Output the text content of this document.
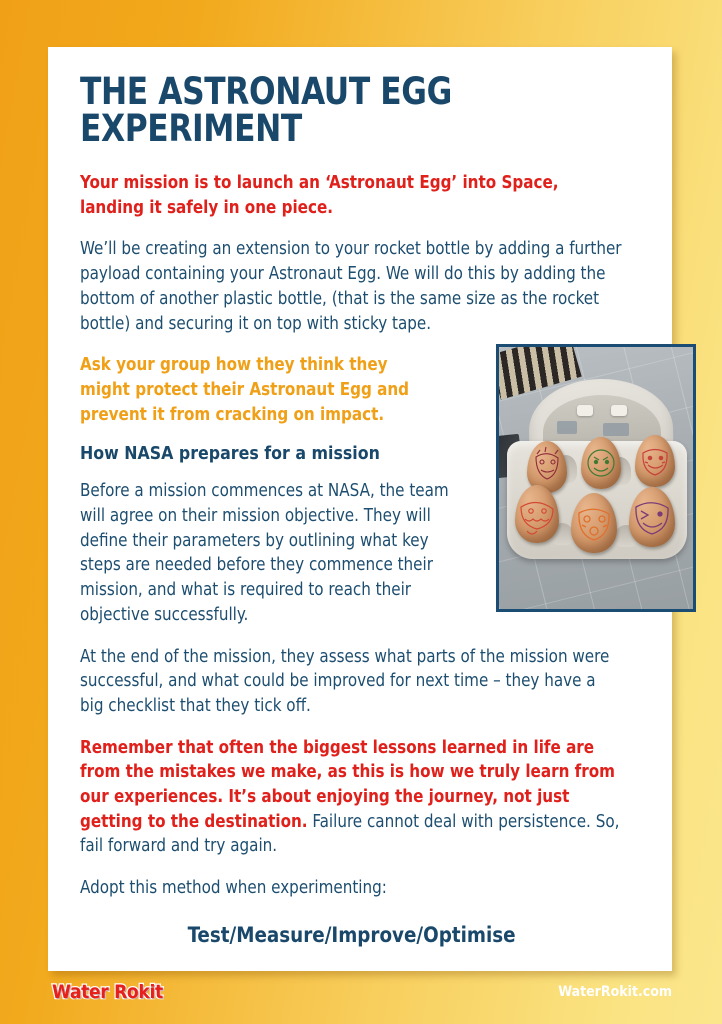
THE ASTRONAUT EGG EXPERIMENT

Your mission is to launch an ‘Astronaut Egg’ into Space, landing it safely in one piece.

We’ll be creating an extension to your rocket bottle by adding a further payload containing your Astronaut Egg. We will do this by adding the bottom of another plastic bottle, (that is the same size as the rocket bottle) and securing it on top with sticky tape.

Ask your group how they think they might protect their Astronaut Egg and prevent it from cracking on impact.

How NASA prepares for a mission

Before a mission commences at NASA, the team will agree on their mission objective. They will define their parameters by outlining what key steps are needed before they commence their mission, and what is required to reach their objective successfully.

At the end of the mission, they assess what parts of the mission were successful, and what could be improved for next time – they have a big checklist that they tick off.

Remember that often the biggest lessons learned in life are from the mistakes we make, as this is how we truly learn from our experiences. It’s about enjoying the journey, not just getting to the destination. Failure cannot deal with persistence. So, fail forward and try again.

Adopt this method when experimenting:

Test/Measure/Improve/Optimise

Water Rokit	WaterRokit.com
